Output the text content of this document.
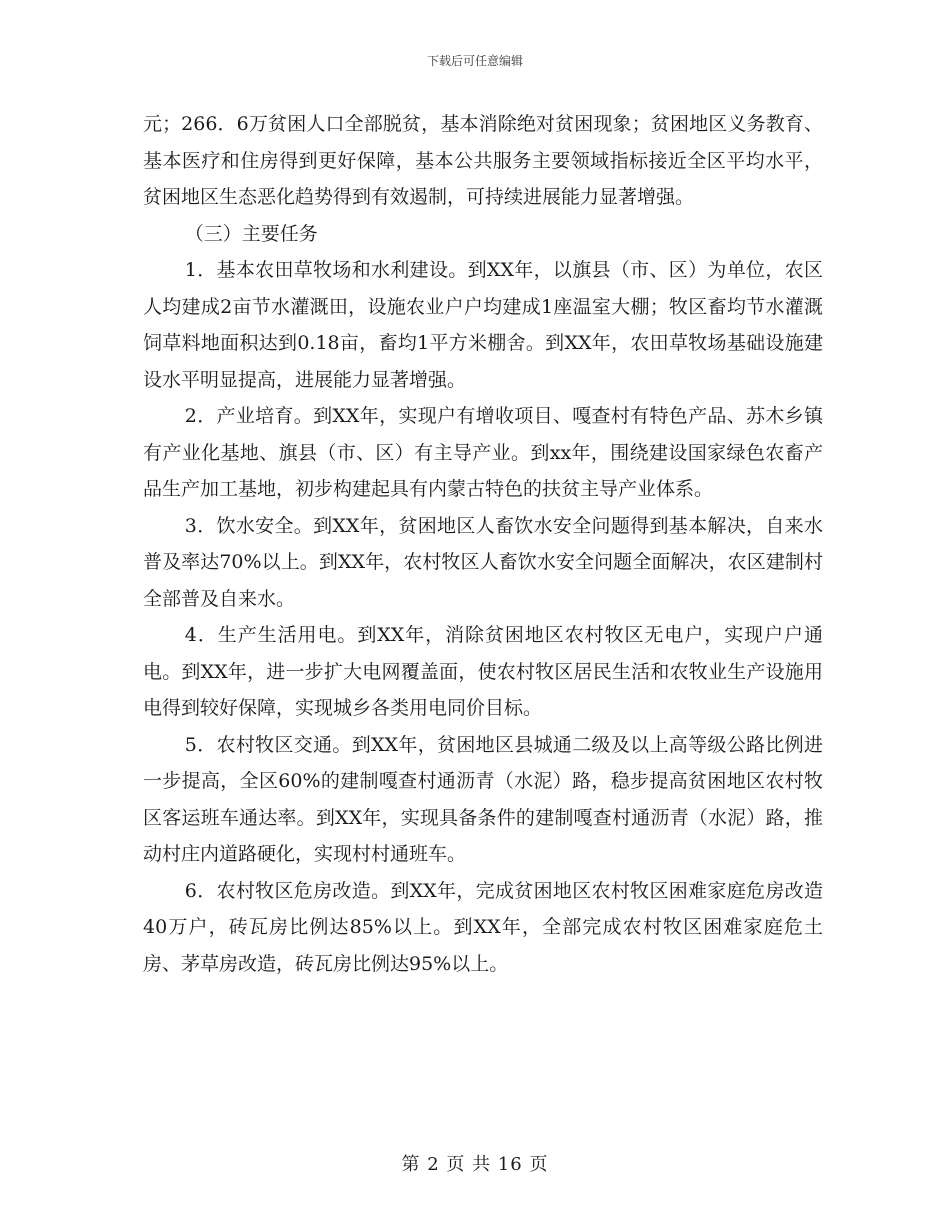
下载后可任意编辑

元；266．6万贫困人口全部脱贫，基本消除绝对贫困现象；贫困地区义务教育、基本医疗和住房得到更好保障，基本公共服务主要领域指标接近全区平均水平，贫困地区生态恶化趋势得到有效遏制，可持续进展能力显著增强。

（三）主要任务

1．基本农田草牧场和水利建设。到XX年，以旗县（市、区）为单位，农区人均建成2亩节水灌溉田，设施农业户户均建成1座温室大棚；牧区畜均节水灌溉饲草料地面积达到0.18亩，畜均1平方米棚舍。到XX年，农田草牧场基础设施建设水平明显提高，进展能力显著增强。

2．产业培育。到XX年，实现户有增收项目、嘎查村有特色产品、苏木乡镇有产业化基地、旗县（市、区）有主导产业。到xx年，围绕建设国家绿色农畜产品生产加工基地，初步构建起具有内蒙古特色的扶贫主导产业体系。

3．饮水安全。到XX年，贫困地区人畜饮水安全问题得到基本解决，自来水普及率达70%以上。到XX年，农村牧区人畜饮水安全问题全面解决，农区建制村全部普及自来水。

4．生产生活用电。到XX年，消除贫困地区农村牧区无电户，实现户户通电。到XX年，进一步扩大电网覆盖面，使农村牧区居民生活和农牧业生产设施用电得到较好保障，实现城乡各类用电同价目标。

5．农村牧区交通。到XX年，贫困地区县城通二级及以上高等级公路比例进一步提高，全区60%的建制嘎查村通沥青（水泥）路，稳步提高贫困地区农村牧区客运班车通达率。到XX年，实现具备条件的建制嘎查村通沥青（水泥）路，推动村庄内道路硬化，实现村村通班车。

6．农村牧区危房改造。到XX年，完成贫困地区农村牧区困难家庭危房改造40万户，砖瓦房比例达85%以上。到XX年，全部完成农村牧区困难家庭危土房、茅草房改造，砖瓦房比例达95%以上。

第 2 页 共 16 页
